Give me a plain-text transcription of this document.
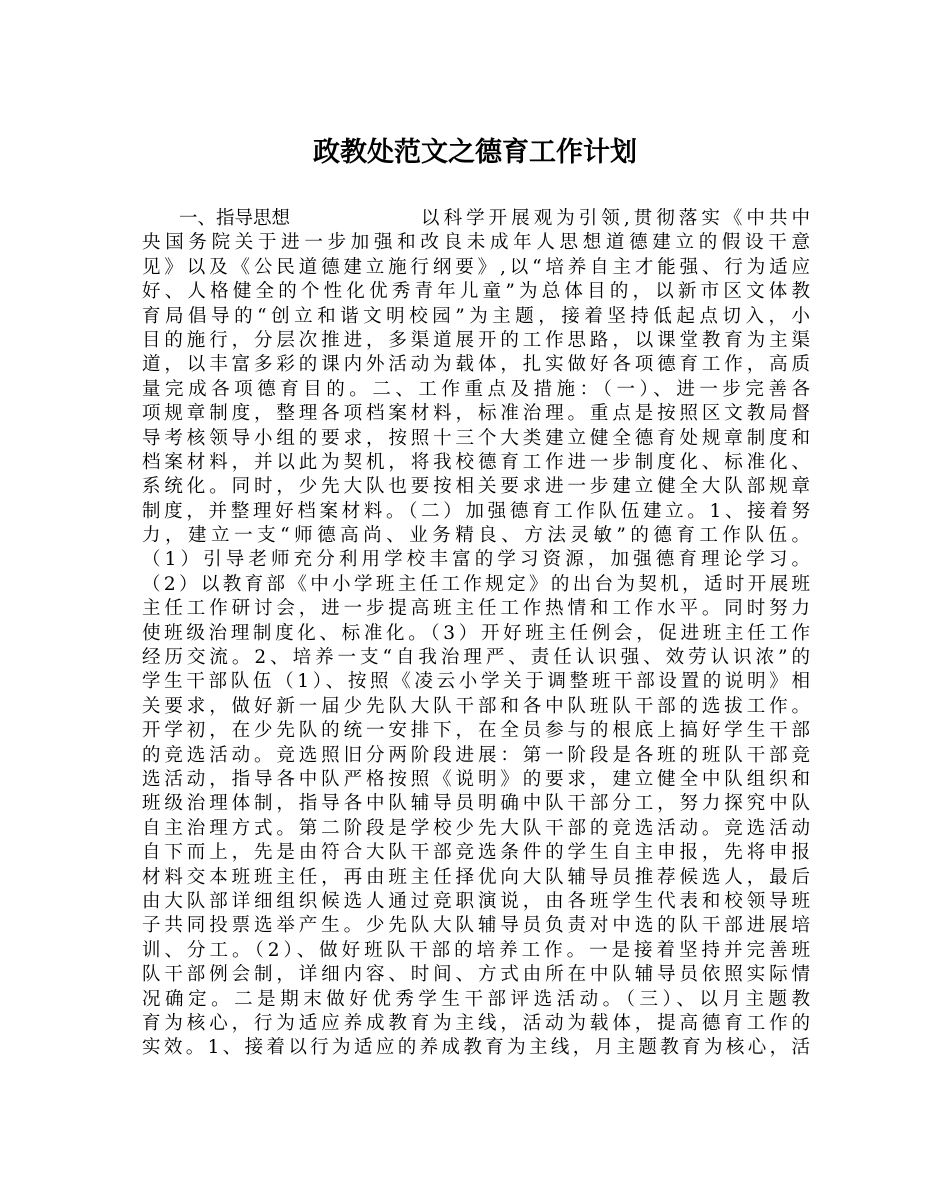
政教处范文之德育工作计划
一、指导思想	以科学开展观为引领,贯彻落实《中共中
央国务院关于进一步加强和改良未成年人思想道德建立的假设干意
见》以及《公民道德建立施行纲要》,以“培养自主才能强、行为适应
好、人格健全的个性化优秀青年儿童”为总体目的，以新市区文体教
育局倡导的“创立和谐文明校园”为主题，接着坚持低起点切入，小
目的施行，分层次推进，多渠道展开的工作思路，以课堂教育为主渠
道，以丰富多彩的课内外活动为载体，扎实做好各项德育工作，高质
量完成各项德育目的。二、工作重点及措施：（一）、进一步完善各
项规章制度，整理各项档案材料，标准治理。重点是按照区文教局督
导考核领导小组的要求，按照十三个大类建立健全德育处规章制度和
档案材料，并以此为契机，将我校德育工作进一步制度化、标准化、
系统化。同时，少先大队也要按相关要求进一步建立健全大队部规章
制度，并整理好档案材料。（二）加强德育工作队伍建立。1、接着努
力，建立一支“师德高尚、业务精良、方法灵敏”的德育工作队伍。
（1）引导老师充分利用学校丰富的学习资源，加强德育理论学习。
（2）以教育部《中小学班主任工作规定》的出台为契机，适时开展班
主任工作研讨会，进一步提高班主任工作热情和工作水平。同时努力
使班级治理制度化、标准化。（3）开好班主任例会，促进班主任工作
经历交流。2、培养一支“自我治理严、责任认识强、效劳认识浓”的
学生干部队伍（1）、按照《凌云小学关于调整班干部设置的说明》相
关要求，做好新一届少先队大队干部和各中队班队干部的选拔工作。
开学初，在少先队的统一安排下，在全员参与的根底上搞好学生干部
的竞选活动。竞选照旧分两阶段进展：第一阶段是各班的班队干部竞
选活动，指导各中队严格按照《说明》的要求，建立健全中队组织和
班级治理体制，指导各中队辅导员明确中队干部分工，努力探究中队
自主治理方式。第二阶段是学校少先大队干部的竞选活动。竞选活动
自下而上，先是由符合大队干部竞选条件的学生自主申报，先将申报
材料交本班班主任，再由班主任择优向大队辅导员推荐候选人，最后
由大队部详细组织候选人通过竞职演说，由各班学生代表和校领导班
子共同投票选举产生。少先队大队辅导员负责对中选的队干部进展培
训、分工。（2）、做好班队干部的培养工作。一是接着坚持并完善班
队干部例会制，详细内容、时间、方式由所在中队辅导员依照实际情
况确定。二是期末做好优秀学生干部评选活动。（三）、以月主题教
育为核心，行为适应养成教育为主线，活动为载体，提高德育工作的
实效。1、接着以行为适应的养成教育为主线，月主题教育为核心，活
